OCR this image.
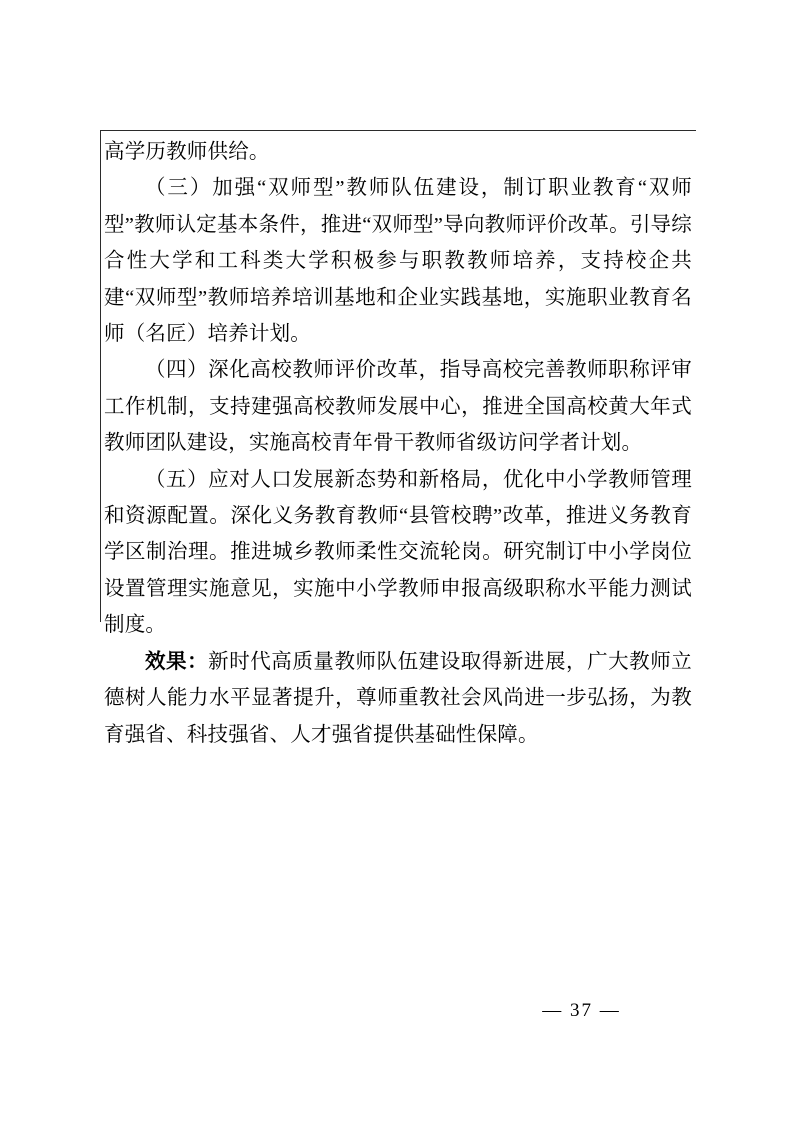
高学历教师供给。

（三）加强“双师型”教师队伍建设，制订职业教育“双师型”教师认定基本条件，推进“双师型”导向教师评价改革。引导综合性大学和工科类大学积极参与职教教师培养，支持校企共建“双师型”教师培养培训基地和企业实践基地，实施职业教育名师（名匠）培养计划。

（四）深化高校教师评价改革，指导高校完善教师职称评审工作机制，支持建强高校教师发展中心，推进全国高校黄大年式教师团队建设，实施高校青年骨干教师省级访问学者计划。

（五）应对人口发展新态势和新格局，优化中小学教师管理和资源配置。深化义务教育教师“县管校聘”改革，推进义务教育学区制治理。推进城乡教师柔性交流轮岗。研究制订中小学岗位设置管理实施意见，实施中小学教师申报高级职称水平能力测试制度。

效果：新时代高质量教师队伍建设取得新进展，广大教师立德树人能力水平显著提升，尊师重教社会风尚进一步弘扬，为教育强省、科技强省、人才强省提供基础性保障。

— 37 —
